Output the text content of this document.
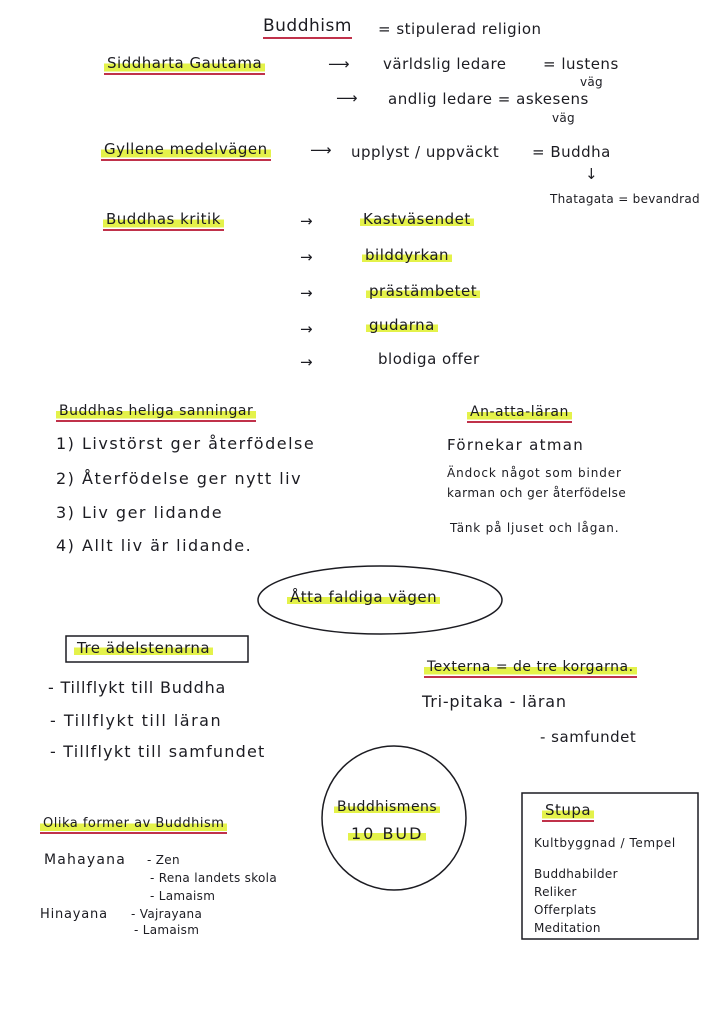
Buddhism = stipulerad religion
Siddharta Gautama	⟶ världslig ledare = lustens
väg
⟶ andlig ledare = askesens
väg
Gyllene medelvägen	⟶ upplyst / uppväckt = Buddha
↓
Thatagata = bevandrad
Buddhas kritik	→	Kastväsendet
→	bilddyrkan
→	prästämbetet
→	gudarna
→	blodiga offer
Buddhas heliga sanningar
1) Livstörst ger återfödelse
2) Återfödelse ger nytt liv
3) Liv ger lidande
4) Allt liv är lidande.
An-atta-läran
Förnekar atman
Ändock något som binder
karman och ger återfödelse
Tänk på ljuset och lågan.
Åtta faldiga vägen
Tre ädelstenarna
- Tillflykt till Buddha
- Tillflykt till läran
- Tillflykt till samfundet
Texterna = de tre korgarna.
Tri-pitaka - läran
- samfundet
Buddhismens
10 BUD
Olika former av Buddhism
Mahayana - Zen
- Rena landets skola
- Lamaism
Hinayana - Vajrayana
- Lamaism
Stupa
Kultbyggnad / Tempel
Buddhabilder
Reliker
Offerplats
Meditation
